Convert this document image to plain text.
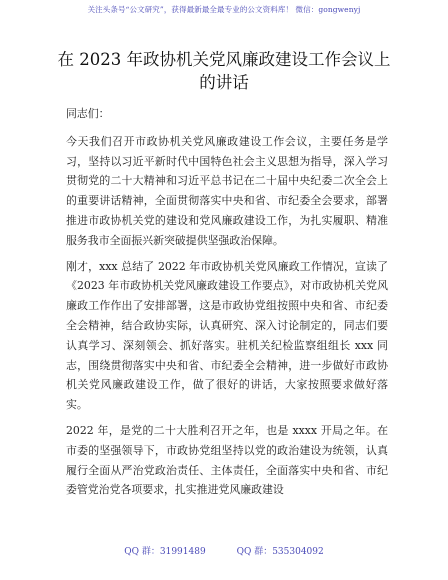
关注头条号“公文研究”，获得最新最全最专业的公文资料库！ 微信：gongwenyj
在 2023 年政协机关党风廉政建设工作会议上的讲话

同志们：

今天我们召开市政协机关党风廉政建设工作会议，主要任务是学习，坚持以习近平新时代中国特色社会主义思想为指导，深入学习贯彻党的二十大精神和习近平总书记在二十届中央纪委二次全会上的重要讲话精神，全面贯彻落实中央和省、市纪委全会要求，部署推进市政协机关党的建设和党风廉政建设工作，为扎实履职、精准服务我市全面振兴新突破提供坚强政治保障。

刚才，xxx 总结了 2022 年市政协机关党风廉政工作情况，宣读了《2023 年市政协机关党风廉政建设工作要点》，对市政协机关党风廉政工作作出了安排部署，这是市政协党组按照中央和省、市纪委全会精神，结合政协实际，认真研究、深入讨论制定的，同志们要认真学习、深刻领会、抓好落实。驻机关纪检监察组组长 xxx 同志，围绕贯彻落实中央和省、市纪委全会精神，进一步做好市政协机关党风廉政建设工作，做了很好的讲话，大家按照要求做好落实。

2022 年，是党的二十大胜利召开之年，也是 xxxx 开局之年。在市委的坚强领导下，市政协党组坚持以党的政治建设为统领，认真履行全面从严治党政治责任、主体责任，全面落实中央和省、市纪委管党治党各项要求，扎实推进党风廉政建设

QQ 群：31991489	QQ 群：535304092
